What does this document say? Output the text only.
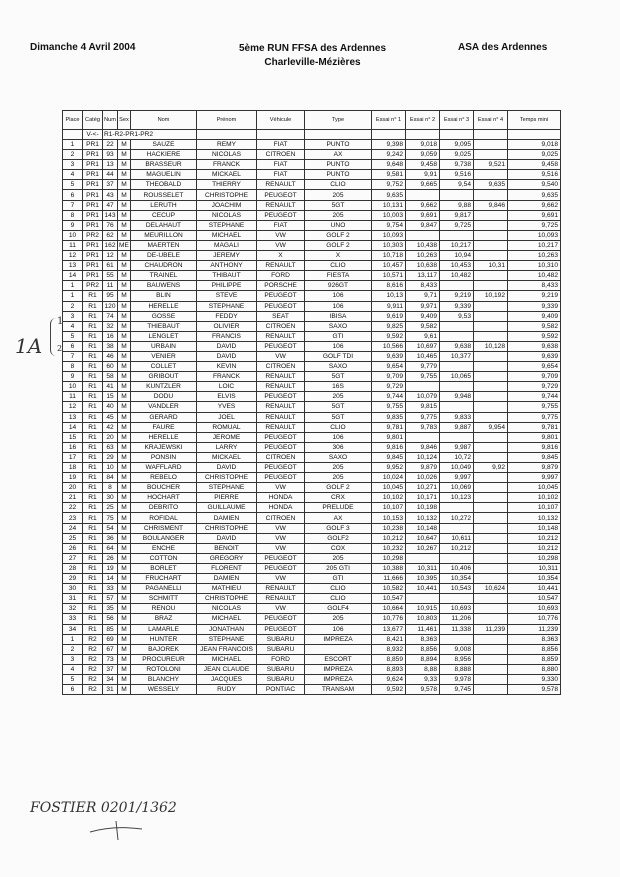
Dimanche 4 Avril 2004	5ème RUN FFSA des Ardennes
Charleville-Mézières
ASA des Ardennes
1A
1
2
Place	Catég	Num	Sex	Nom	Prénom	Véhicule	Type	Essai n° 1	Essai n° 2	Essai n° 3	Essai n° 4	Temps mini
	V-<-	R1-R2-PR1-PR2										
1	PR1	22	M	SAUZE	REMY	FIAT	PUNTO	9,398	9,018	9,095		9,018
2	PR1	93	M	HACKIERE	NICOLAS	CITROEN	AX	9,242	9,059	9,025		9,025
3	PR1	13	M	BRASSEUR	FRANCK	FIAT	PUNTO	9,648	9,458	9,738	9,521	9,458
4	PR1	44	M	MAGUELIN	MICKAEL	FIAT	PUNTO	9,581	9,91	9,516		9,516
5	PR1	37	M	THEOBALD	THIERRY	RENAULT	CLIO	9,752	9,665	9,54	9,635	9,540
6	PR1	43	M	ROUSSELET	CHRISTOPHE	PEUGEOT	205	9,635				9,635
7	PR1	47	M	LERUTH	JOACHIM	RENAULT	5GT	10,131	9,662	9,88	9,846	9,662
8	PR1	143	M	CECUP	NICOLAS	PEUGEOT	205	10,003	9,691	9,817		9,691
9	PR1	76	M	DELAHAUT	STEPHANE	FIAT	UNO	9,754	9,847	9,725		9,725
10	PR2	62	M	MEURILLON	MICHAEL	VW	GOLF 2	10,093				10,093
11	PR1	162	ME	MAERTEN	MAGALI	VW	GOLF 2	10,303	10,438	10,217		10,217
12	PR1	12	M	DE-UBELE	JEREMY	X	X	10,718	10,263	10,94		10,263
13	PR1	61	M	CHAUDRON	ANTHONY	RENAULT	CLIO	10,457	10,638	10,453	10,31	10,310
14	PR1	55	M	TRAINEL	THIBAUT	FORD	FIESTA	10,571	13,117	10,482		10,482
1	PR2	11	M	BAUWENS	PHILIPPE	PORSCHE	926GT	8,616	8,433			8,433
1	R1	95	M	BLIN	STEVE	PEUGEOT	106	10,13	9,71	9,219	10,192	9,219
2	R1	120	M	HERELLE	STEPHANE	PEUGEOT	106	9,911	9,971	9,339		9,339
3	R1	74	M	GOSSE	FEDDY	SEAT	IBISA	9,619	9,409	9,53		9,409
4	R1	32	M	THIEBAUT	OLIVIER	CITROEN	SAXO	9,825	9,582			9,582
5	R1	16	M	LENGLET	FRANCIS	RENAULT	GTI	9,592	9,61			9,592
6	R1	38	M	URBAIN	DAVID	PEUGEOT	106	10,566	10,697	9,638	10,128	9,638
7	R1	46	M	VENIER	DAVID	VW	GOLF TDI	9,639	10,465	10,377		9,639
8	R1	60	M	COLLET	KEVIN	CITROEN	SAXO	9,654	9,779			9,654
9	R1	58	M	GRIBOUT	FRANCK	RENAULT	5GT	9,709	9,755	10,065		9,709
10	R1	41	M	KUNTZLER	LOIC	RENAULT	16S	9,729				9,729
11	R1	15	M	DODU	ELVIS	PEUGEOT	205	9,744	10,079	9,948		9,744
12	R1	40	M	VANDLER	YVES	RENAULT	5GT	9,755	9,815			9,755
13	R1	45	M	GERARD	JOEL	RENAULT	5GT	9,835	9,775	9,833		9,775
14	R1	42	M	FAURE	ROMUAL	RENAULT	CLIO	9,781	9,783	9,887	9,954	9,781
15	R1	20	M	HERELLE	JEROME	PEUGEOT	106	9,801				9,801
16	R1	63	M	KRAJEWSKI	LARRY	PEUGEOT	306	9,816	9,846	9,987		9,816
17	R1	29	M	PONSIN	MICKAEL	CITROEN	SAXO	9,845	10,124	10,72		9,845
18	R1	10	M	WAFFLARD	DAVID	PEUGEOT	205	9,952	9,879	10,049	9,92	9,879
19	R1	84	M	REBELO	CHRISTOPHE	PEUGEOT	205	10,024	10,026	9,997		9,997
20	R1	8	M	BOUCHER	STEPHANE	VW	GOLF 2	10,045	10,271	10,069		10,045
21	R1	30	M	HOCHART	PIERRE	HONDA	CRX	10,102	10,171	10,123		10,102
22	R1	25	M	DEBRITO	GUILLAUME	HONDA	PRELUDE	10,107	10,198			10,107
23	R1	75	M	ROFIDAL	DAMIEN	CITROEN	AX	10,153	10,132	10,272		10,132
24	R1	54	M	CHRISMENT	CHRISTOPHE	VW	GOLF 3	10,238	10,148			10,148
25	R1	36	M	BOULANGER	DAVID	VW	GOLF2	10,212	10,647	10,611		10,212
26	R1	64	M	ENCHE	BENOIT	VW	COX	10,232	10,267	10,212		10,212
27	R1	26	M	COTTON	GREGORY	PEUGEOT	205	10,298				10,298
28	R1	19	M	BORLET	FLORENT	PEUGEOT	205 GTI	10,388	10,311	10,406		10,311
29	R1	14	M	FRUCHART	DAMIEN	VW	GTI	11,666	10,395	10,354		10,354
30	R1	33	M	PAGANELLI	MATHIEU	RENAULT	CLIO	10,582	10,441	10,543	10,624	10,441
31	R1	57	M	SCHMITT	CHRISTOPHE	RENAULT	CLIO	10,547				10,547
32	R1	35	M	RENOU	NICOLAS	VW	GOLF4	10,664	10,915	10,693		10,693
33	R1	56	M	BRAZ	MICHAEL	PEUGEOT	205	10,776	10,803	11,206		10,776
34	R1	85	M	LAMARLE	JONATHAN	PEUGEOT	106	13,677	11,461	11,338	11,239	11,239
1	R2	69	M	HUNTER	STEPHANE	SUBARU	IMPREZA	8,421	8,363			8,363
2	R2	67	M	BAJOREK	JEAN FRANCOIS	SUBARU		8,932	8,856	9,008		8,856
3	R2	73	M	PROCUREUR	MICHAEL	FORD	ESCORT	8,859	8,894	8,956		8,859
4	R2	37	M	ROTOLONI	JEAN CLAUDE	SUBARU	IMPREZA	8,893	8,88	8,888		8,880
5	R2	34	M	BLANCHY	JACQUES	SUBARU	IMPREZA	9,624	9,33	9,978		9,330
6	R2	31	M	WESSELY	RUDY	PONTIAC	TRANSAM	9,592	9,578	9,745		9,578
FOSTIER 0201/1362
